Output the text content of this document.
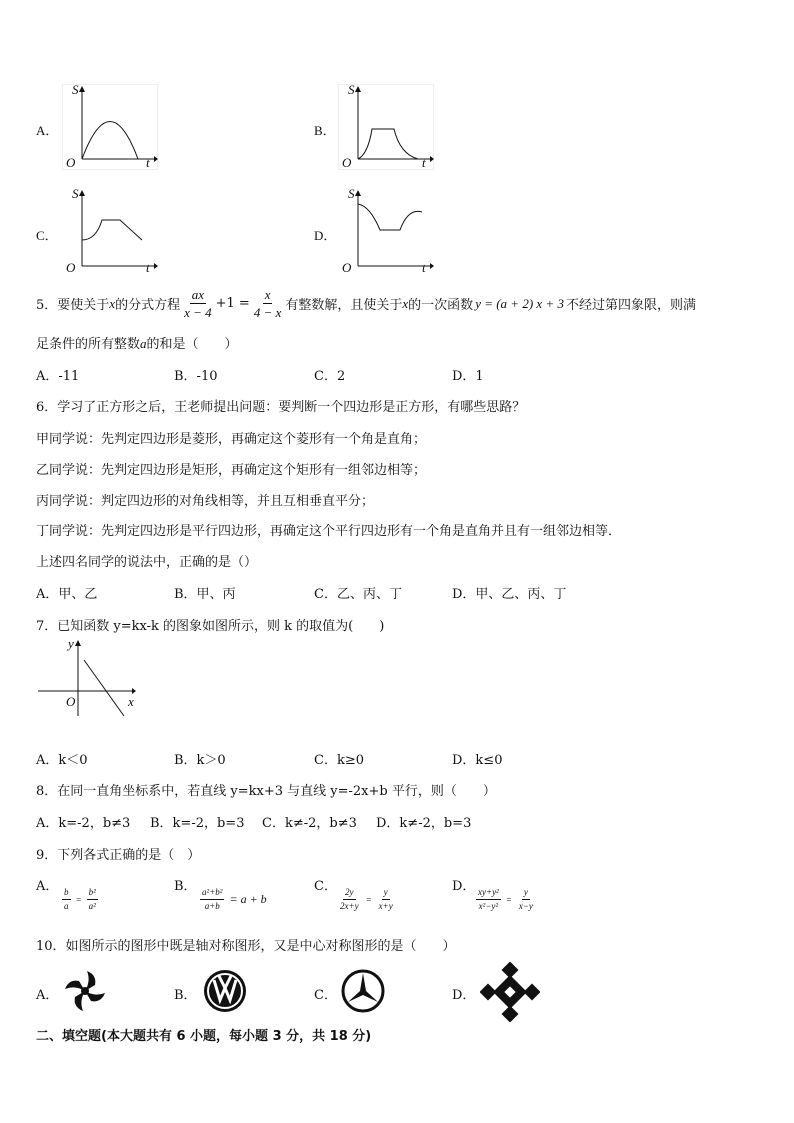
A．
S
O	t
B．
S
O	t
C．
S
O	t
D．
S
O	t
5．要使关于 x 的分式方程 $\frac{ax}{x - 4} +1 = \frac{x}{4 - x}$ 有整数解，且使关于 x 的一次函数 y = (a + 2) x + 3 不经过第四象限，则满
足条件的所有整数a的和是（　　）
A．-11	B．-10	C．2	D．1
6．学习了正方形之后，王老师提出问题：要判断一个四边形是正方形，有哪些思路？
甲同学说：先判定四边形是菱形，再确定这个菱形有一个角是直角；
乙同学说：先判定四边形是矩形，再确定这个矩形有一组邻边相等；
丙同学说：判定四边形的对角线相等，并且互相垂直平分；
丁同学说：先判定四边形是平行四边形，再确定这个平行四边形有一个角是直角并且有一组邻边相等．
上述四名同学的说法中，正确的是（）
A．甲、乙	B．甲、丙	C．乙、丙、丁	D．甲、乙、丙、丁
7．已知函数 y=kx-k 的图象如图所示，则 k 的取值为(　　)
y
x
O
A．k＜0	B．k＞0	C．k≥0	D．k≤0
8．在同一直角坐标系中，若直线 y=kx+3 与直线 y=-2x+b 平行，则（　　）
A．k=-2，b≠3 B．k=-2，b=3 C．k≠-2，b≠3 D．k≠-2，b=3
9．下列各式正确的是（　）
A．
$\frac{b}{a} = \frac{\text{b²}}{\text{a²}}$
B．
$\frac{\text{a²+b²}}{a+b} = a + b$
C．
$\frac{2y}{2x+y} = \frac{y}{x+y}$
D．
$\frac{\text{xy+y²}}{\text{x²−y²}} = \frac{y}{x-y}$
10．如图所示的图形中既是轴对称图形，又是中心对称图形的是（　　）
A．	B．	C．	D．
二、填空题(本大题共有 6 小题，每小题 3 分，共 18 分)
